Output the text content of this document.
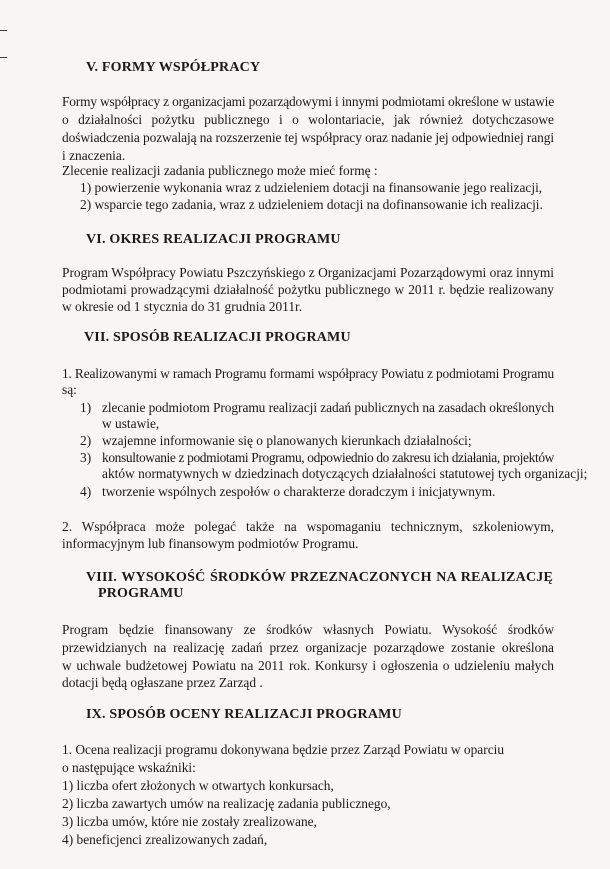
V. FORMY WSPÓŁPRACY
Formy współpracy z organizacjami pozarządowymi i innymi podmiotami określone w ustawie
o działalności pożytku publicznego i o wolontariacie, jak również dotychczasowe
doświadczenia pozwalają na rozszerzenie tej współpracy oraz nadanie jej odpowiedniej rangi
i znaczenia.
Zlecenie realizacji zadania publicznego może mieć formę :
1) powierzenie wykonania wraz z udzieleniem dotacji na finansowanie jego realizacji,
2) wsparcie tego zadania, wraz z udzieleniem dotacji na dofinansowanie ich realizacji.
VI. OKRES REALIZACJI PROGRAMU
Program Współpracy Powiatu Pszczyńskiego z Organizacjami Pozarządowymi oraz innymi
podmiotami prowadzącymi działalność pożytku publicznego w 2011 r. będzie realizowany
w okresie od 1 stycznia do 31 grudnia 2011r.
VII. SPOSÓB REALIZACJI PROGRAMU
1. Realizowanymi w ramach Programu formami współpracy Powiatu z podmiotami Programu
są:
1) zlecanie podmiotom Programu realizacji zadań publicznych na zasadach określonych
w ustawie,
2) wzajemne informowanie się o planowanych kierunkach działalności;
3) konsultowanie z podmiotami Programu, odpowiednio do zakresu ich działania, projektów
aktów normatywnych w dziedzinach dotyczących działalności statutowej tych organizacji;
4) tworzenie wspólnych zespołów o charakterze doradczym i inicjatywnym.
2. Współpraca może polegać także na wspomaganiu technicznym, szkoleniowym,
informacyjnym lub finansowym podmiotów Programu.
VIII. WYSOKOŚĆ ŚRODKÓW PRZEZNACZONYCH NA REALIZACJĘ
PROGRAMU
Program będzie finansowany ze środków własnych Powiatu. Wysokość środków
przewidzianych na realizację zadań przez organizacje pozarządowe zostanie określona
w uchwale budżetowej Powiatu na 2011 rok. Konkursy i ogłoszenia o udzieleniu małych
dotacji będą ogłaszane przez Zarząd .
IX. SPOSÓB OCENY REALIZACJI PROGRAMU
1. Ocena realizacji programu dokonywana będzie przez Zarząd Powiatu w oparciu
o następujące wskaźniki:
1) liczba ofert złożonych w otwartych konkursach,
2) liczba zawartych umów na realizację zadania publicznego,
3) liczba umów, które nie zostały zrealizowane,
4) beneficjenci zrealizowanych zadań,
